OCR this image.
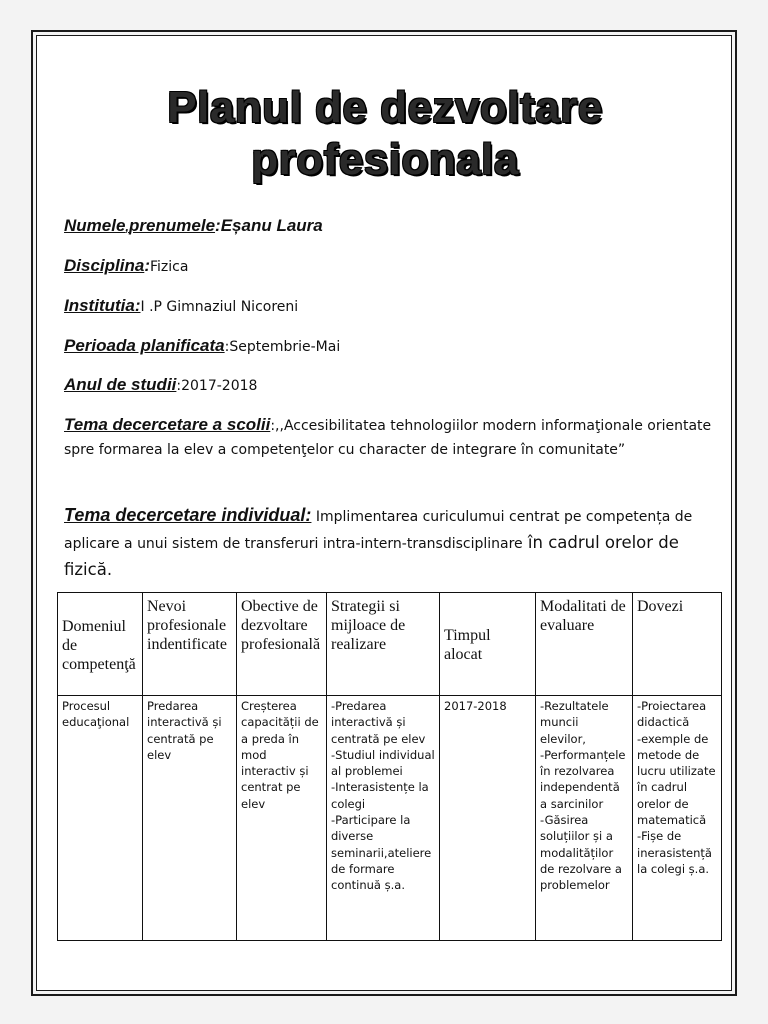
Planul de dezvoltare profesionala
Numele,prenumele:Eșanu Laura
Disciplina:Fizica
Institutia:I .P Gimnaziul Nicoreni
Perioada planificata:Septembrie-Mai
Anul de studii:2017-2018
Tema decercetare a scolii:,,Accesibilitatea tehnologiilor modern informaţionale orientate spre formarea la elev a competenţelor cu character de integrare în comunitate”
Tema decercetare individual: Implimentarea curiculumui centrat pe competența de aplicare a unui sistem de transferuri intra-intern-transdisciplinare în cadrul orelor de fizică.
Domeniul de competenţă	Nevoi profesionale indentificate	Obective de dezvoltare profesională	Strategii si mijloace de realizare	Timpul alocat	Modalitati de evaluare	Dovezi

Procesul educaţional	Predarea interactivă și centrată pe elev	Creșterea capacității de a preda în mod interactiv și centrat pe elev	-Predarea interactivă și centrată pe elev
-Studiul individual al problemei
-Interasistențe la colegi
-Participare la diverse seminarii,ateliere de formare continuă ș.a.	2017-2018	-Rezultatele muncii elevilor,
-Performanțele în rezolvarea independentă a sarcinilor
-Găsirea soluțiilor și a modalităților de rezolvare a problemelor	-Proiectarea didactică
-exemple de metode de lucru utilizate în cadrul orelor de matematică
-Fișe de inerasistență la colegi ș.a.
